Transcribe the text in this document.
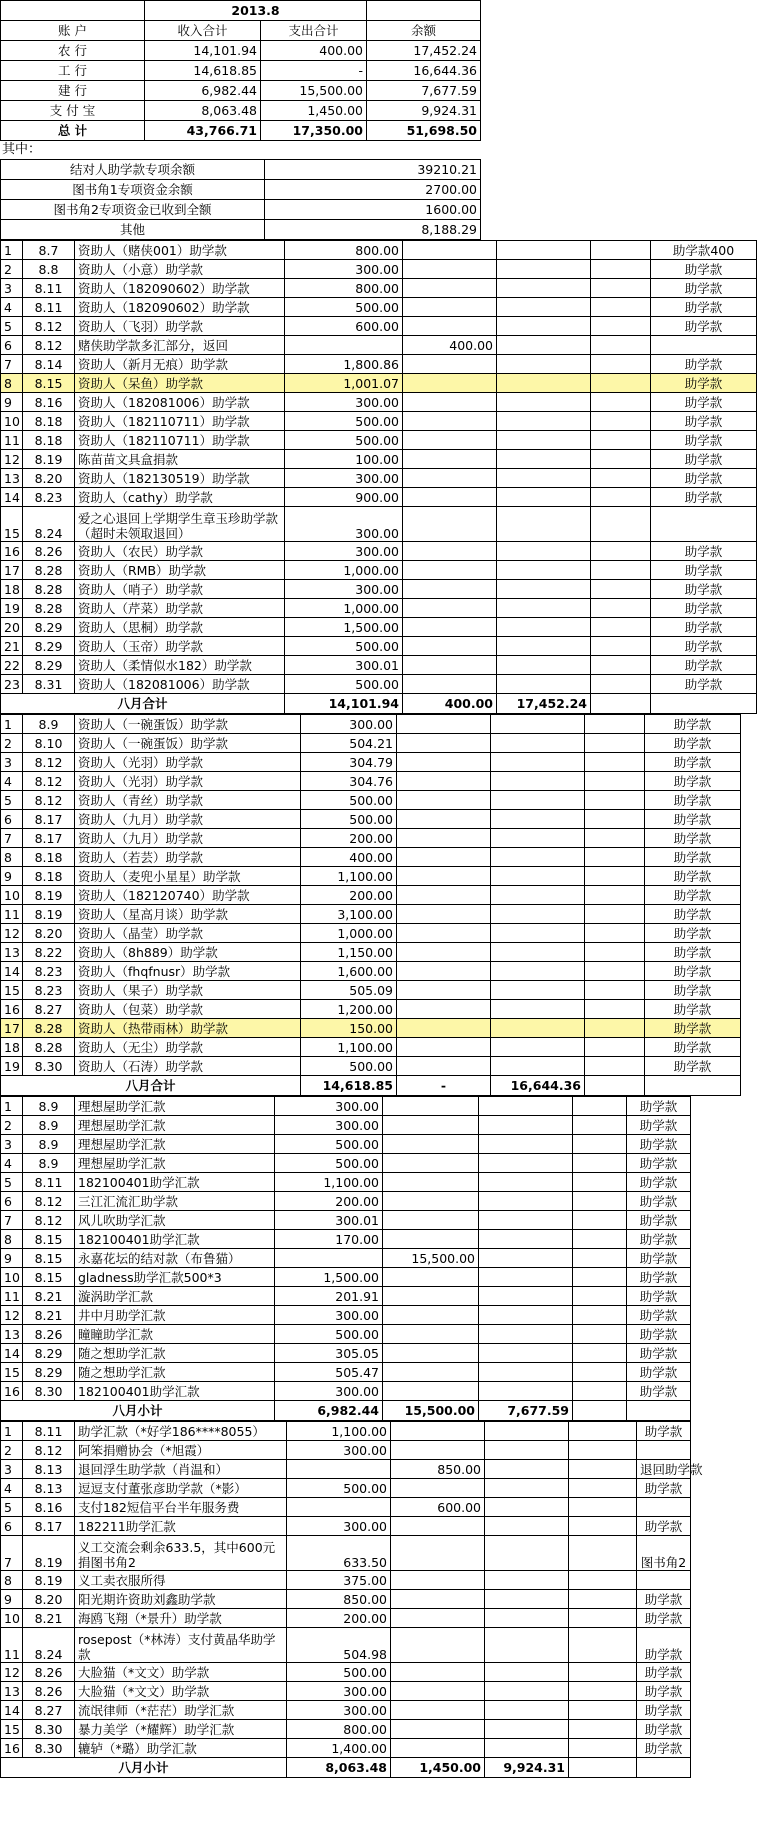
	2013.8		
账 户	收入合计	支出合计	余额
农 行	14,101.94	400.00	17,452.24
工 行	14,618.85	-	16,644.36
建 行	6,982.44	15,500.00	7,677.59
支 付 宝	8,063.48	1,450.00	9,924.31
总 计	43,766.71	17,350.00	51,698.50
其中：
结对人助学款专项余额	39210.21
图书角1专项资金余额	2700.00
图书角2专项资金已收到全额	1600.00
其他	8,188.29
1	8.7	资助人（赌侠001）助学款	800.00				助学款400
2	8.8	资助人（小意）助学款	300.00				助学款
3	8.11	资助人（182090602）助学款	800.00				助学款
4	8.11	资助人（182090602）助学款	500.00				助学款
5	8.12	资助人（飞羽）助学款	600.00				助学款
6	8.12	赌侠助学款多汇部分，返回		400.00			
7	8.14	资助人（新月无痕）助学款	1,800.86				助学款
8	8.15	资助人（呆鱼）助学款	1,001.07				助学款
9	8.16	资助人（182081006）助学款	300.00				助学款
10	8.18	资助人（182110711）助学款	500.00				助学款
11	8.18	资助人（182110711）助学款	500.00				助学款
12	8.19	陈苗苗文具盒捐款	100.00				助学款
13	8.20	资助人（182130519）助学款	300.00				助学款
14	8.23	资助人（cathy）助学款	900.00				助学款
15	8.24	爱之心退回上学期学生章玉珍助学款（超时未领取退回）	300.00				
16	8.26	资助人（农民）助学款	300.00				助学款
17	8.28	资助人（RMB）助学款	1,000.00				助学款
18	8.28	资助人（哨子）助学款	300.00				助学款
19	8.28	资助人（芹菜）助学款	1,000.00				助学款
20	8.29	资助人（思桐）助学款	1,500.00				助学款
21	8.29	资助人（玉帝）助学款	500.00				助学款
22	8.29	资助人（柔情似水182）助学款	300.01				助学款
23	8.31	资助人（182081006）助学款	500.00				助学款
八月合计			14,101.94	400.00	17,452.24		
1	8.9	资助人（一碗蛋饭）助学款	300.00				助学款
2	8.10	资助人（一碗蛋饭）助学款	504.21				助学款
3	8.12	资助人（光羽）助学款	304.79				助学款
4	8.12	资助人（光羽）助学款	304.76				助学款
5	8.12	资助人（青丝）助学款	500.00				助学款
6	8.17	资助人（九月）助学款	500.00				助学款
7	8.17	资助人（九月）助学款	200.00				助学款
8	8.18	资助人（若芸）助学款	400.00				助学款
9	8.18	资助人（麦兜小星星）助学款	1,100.00				助学款
10	8.19	资助人（182120740）助学款	200.00				助学款
11	8.19	资助人（星高月谈）助学款	3,100.00				助学款
12	8.20	资助人（晶莹）助学款	1,000.00				助学款
13	8.22	资助人（8h889）助学款	1,150.00				助学款
14	8.23	资助人（fhqfnusr）助学款	1,600.00				助学款
15	8.23	资助人（果子）助学款	505.09				助学款
16	8.27	资助人（包菜）助学款	1,200.00				助学款
17	8.28	资助人（热带雨林）助学款	150.00				助学款
18	8.28	资助人（无尘）助学款	1,100.00				助学款
19	8.30	资助人（石涛）助学款	500.00				助学款
八月合计			14,618.85	-	16,644.36		
1	8.9	理想屋助学汇款	300.00				助学款
2	8.9	理想屋助学汇款	300.00				助学款
3	8.9	理想屋助学汇款	500.00				助学款
4	8.9	理想屋助学汇款	500.00				助学款
5	8.11	182100401助学汇款	1,100.00				助学款
6	8.12	三江汇流汇助学款	200.00				助学款
7	8.12	风儿吹助学汇款	300.01				助学款
8	8.15	182100401助学汇款	170.00				助学款
9	8.15	永嘉花坛的结对款（布鲁猫）		15,500.00			助学款
10	8.15	gladness助学汇款500*3	1,500.00				助学款
11	8.21	漩涡助学汇款	201.91				助学款
12	8.21	井中月助学汇款	300.00				助学款
13	8.26	瞳瞳助学汇款	500.00				助学款
14	8.29	随之想助学汇款	305.05				助学款
15	8.29	随之想助学汇款	505.47				助学款
16	8.30	182100401助学汇款	300.00				助学款
八月小计			6,982.44	15,500.00	7,677.59		
1	8.11	助学汇款（*好学186****8055）	1,100.00				助学款
2	8.12	阿笨捐赠协会（*旭霞）	300.00				
3	8.13	退回浮生助学款（肖温和）		850.00			退回助学款
4	8.13	逗逗支付董张彦助学款（*影）	500.00				助学款
5	8.16	支付182短信平台半年服务费		600.00			
6	8.17	182211助学汇款	300.00				助学款
7	8.19	义工交流会剩余633.5，其中600元捐图书角2	633.50				图书角2
8	8.19	义工卖衣服所得	375.00				
9	8.20	阳光期许资助刘鑫助学款	850.00				助学款
10	8.21	海鸥飞翔（*景升）助学款	200.00				助学款
11	8.24	rosepost（*林涛）支付黄晶华助学款	504.98				助学款
12	8.26	大脸猫（*文文）助学款	500.00				助学款
13	8.26	大脸猫（*文文）助学款	300.00				助学款
14	8.27	流氓律师（*茫茫）助学汇款	300.00				助学款
15	8.30	暴力美学（*耀辉）助学汇款	800.00				助学款
16	8.30	辘轳（*璐）助学汇款	1,400.00				助学款
八月小计			8,063.48	1,450.00	9,924.31		
